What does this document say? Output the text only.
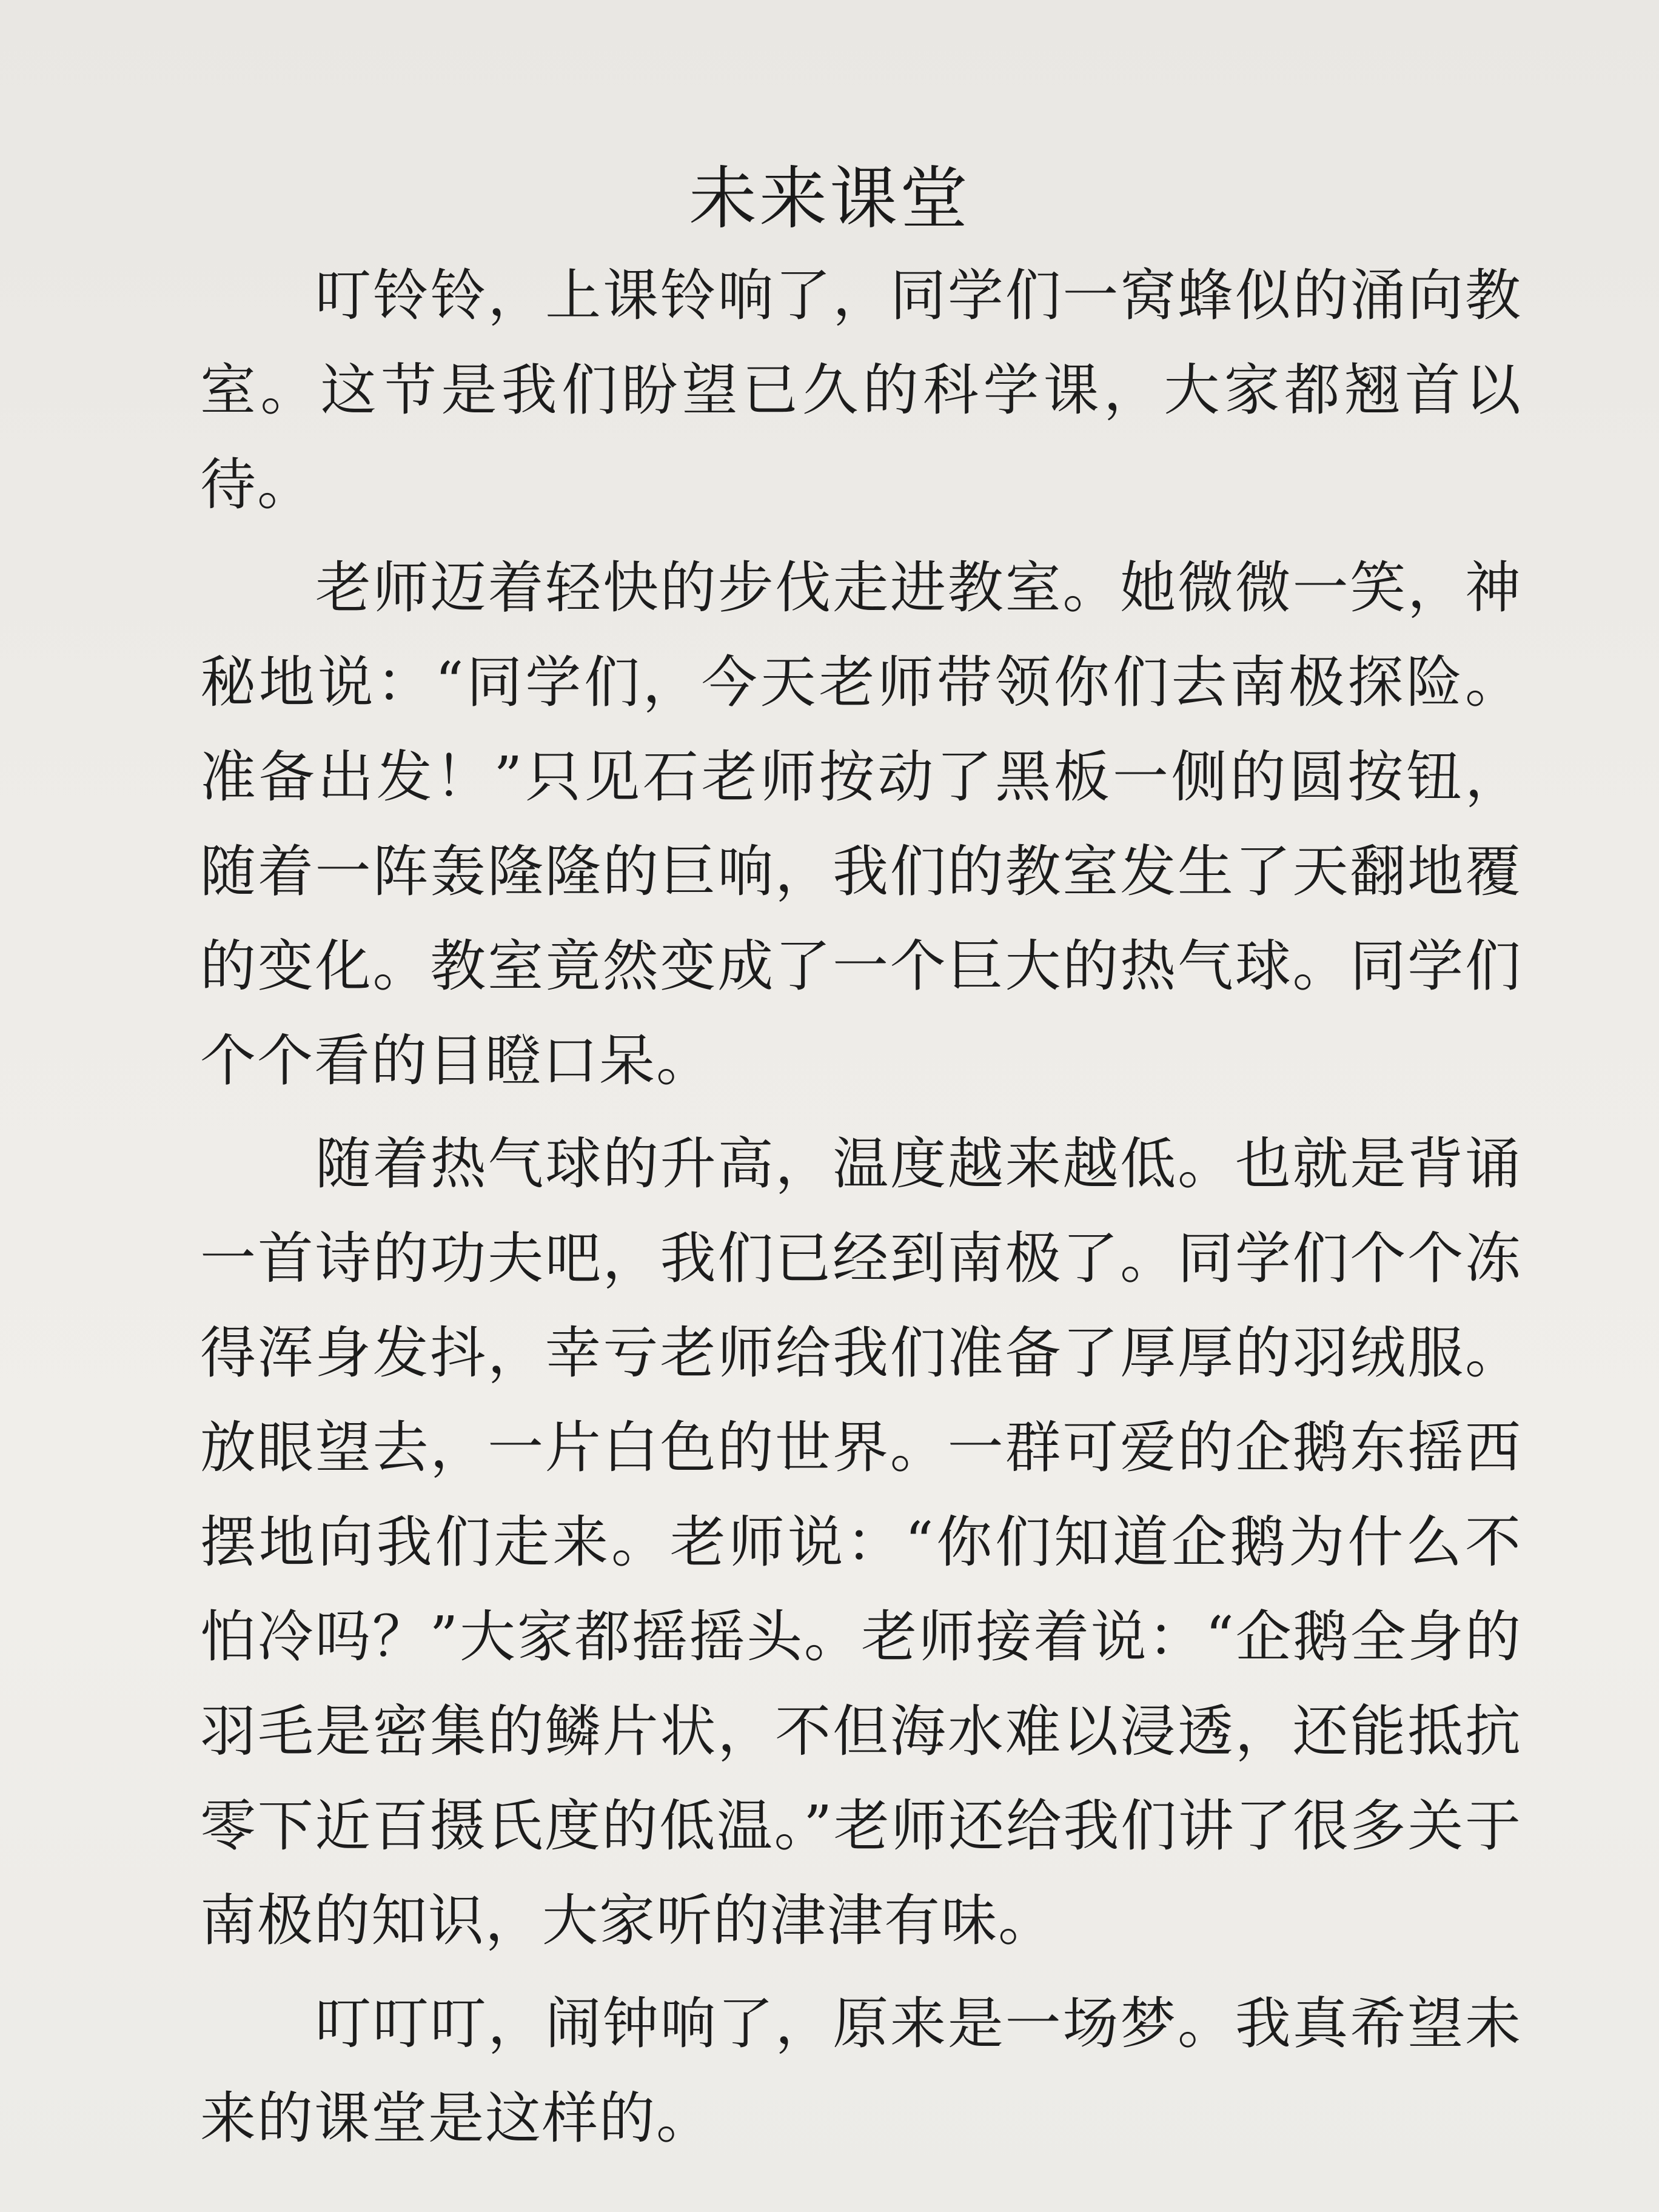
未来课堂

叮铃铃，上课铃响了，同学们一窝蜂似的涌向教室。这节是我们盼望已久的科学课，大家都翘首以待。

老师迈着轻快的步伐走进教室。她微微一笑，神秘地说：“同学们，今天老师带领你们去南极探险。准备出发！”只见石老师按动了黑板一侧的圆按钮，随着一阵轰隆隆的巨响，我们的教室发生了天翻地覆的变化。教室竟然变成了一个巨大的热气球。同学们个个看的目瞪口呆。

随着热气球的升高，温度越来越低。也就是背诵一首诗的功夫吧，我们已经到南极了。同学们个个冻得浑身发抖，幸亏老师给我们准备了厚厚的羽绒服。放眼望去，一片白色的世界。一群可爱的企鹅东摇西摆地向我们走来。老师说：“你们知道企鹅为什么不怕冷吗？”大家都摇摇头。老师接着说：“企鹅全身的羽毛是密集的鳞片状，不但海水难以浸透，还能抵抗零下近百摄氏度的低温。”老师还给我们讲了很多关于南极的知识，大家听的津津有味。

叮叮叮，闹钟响了，原来是一场梦。我真希望未来的课堂是这样的。
